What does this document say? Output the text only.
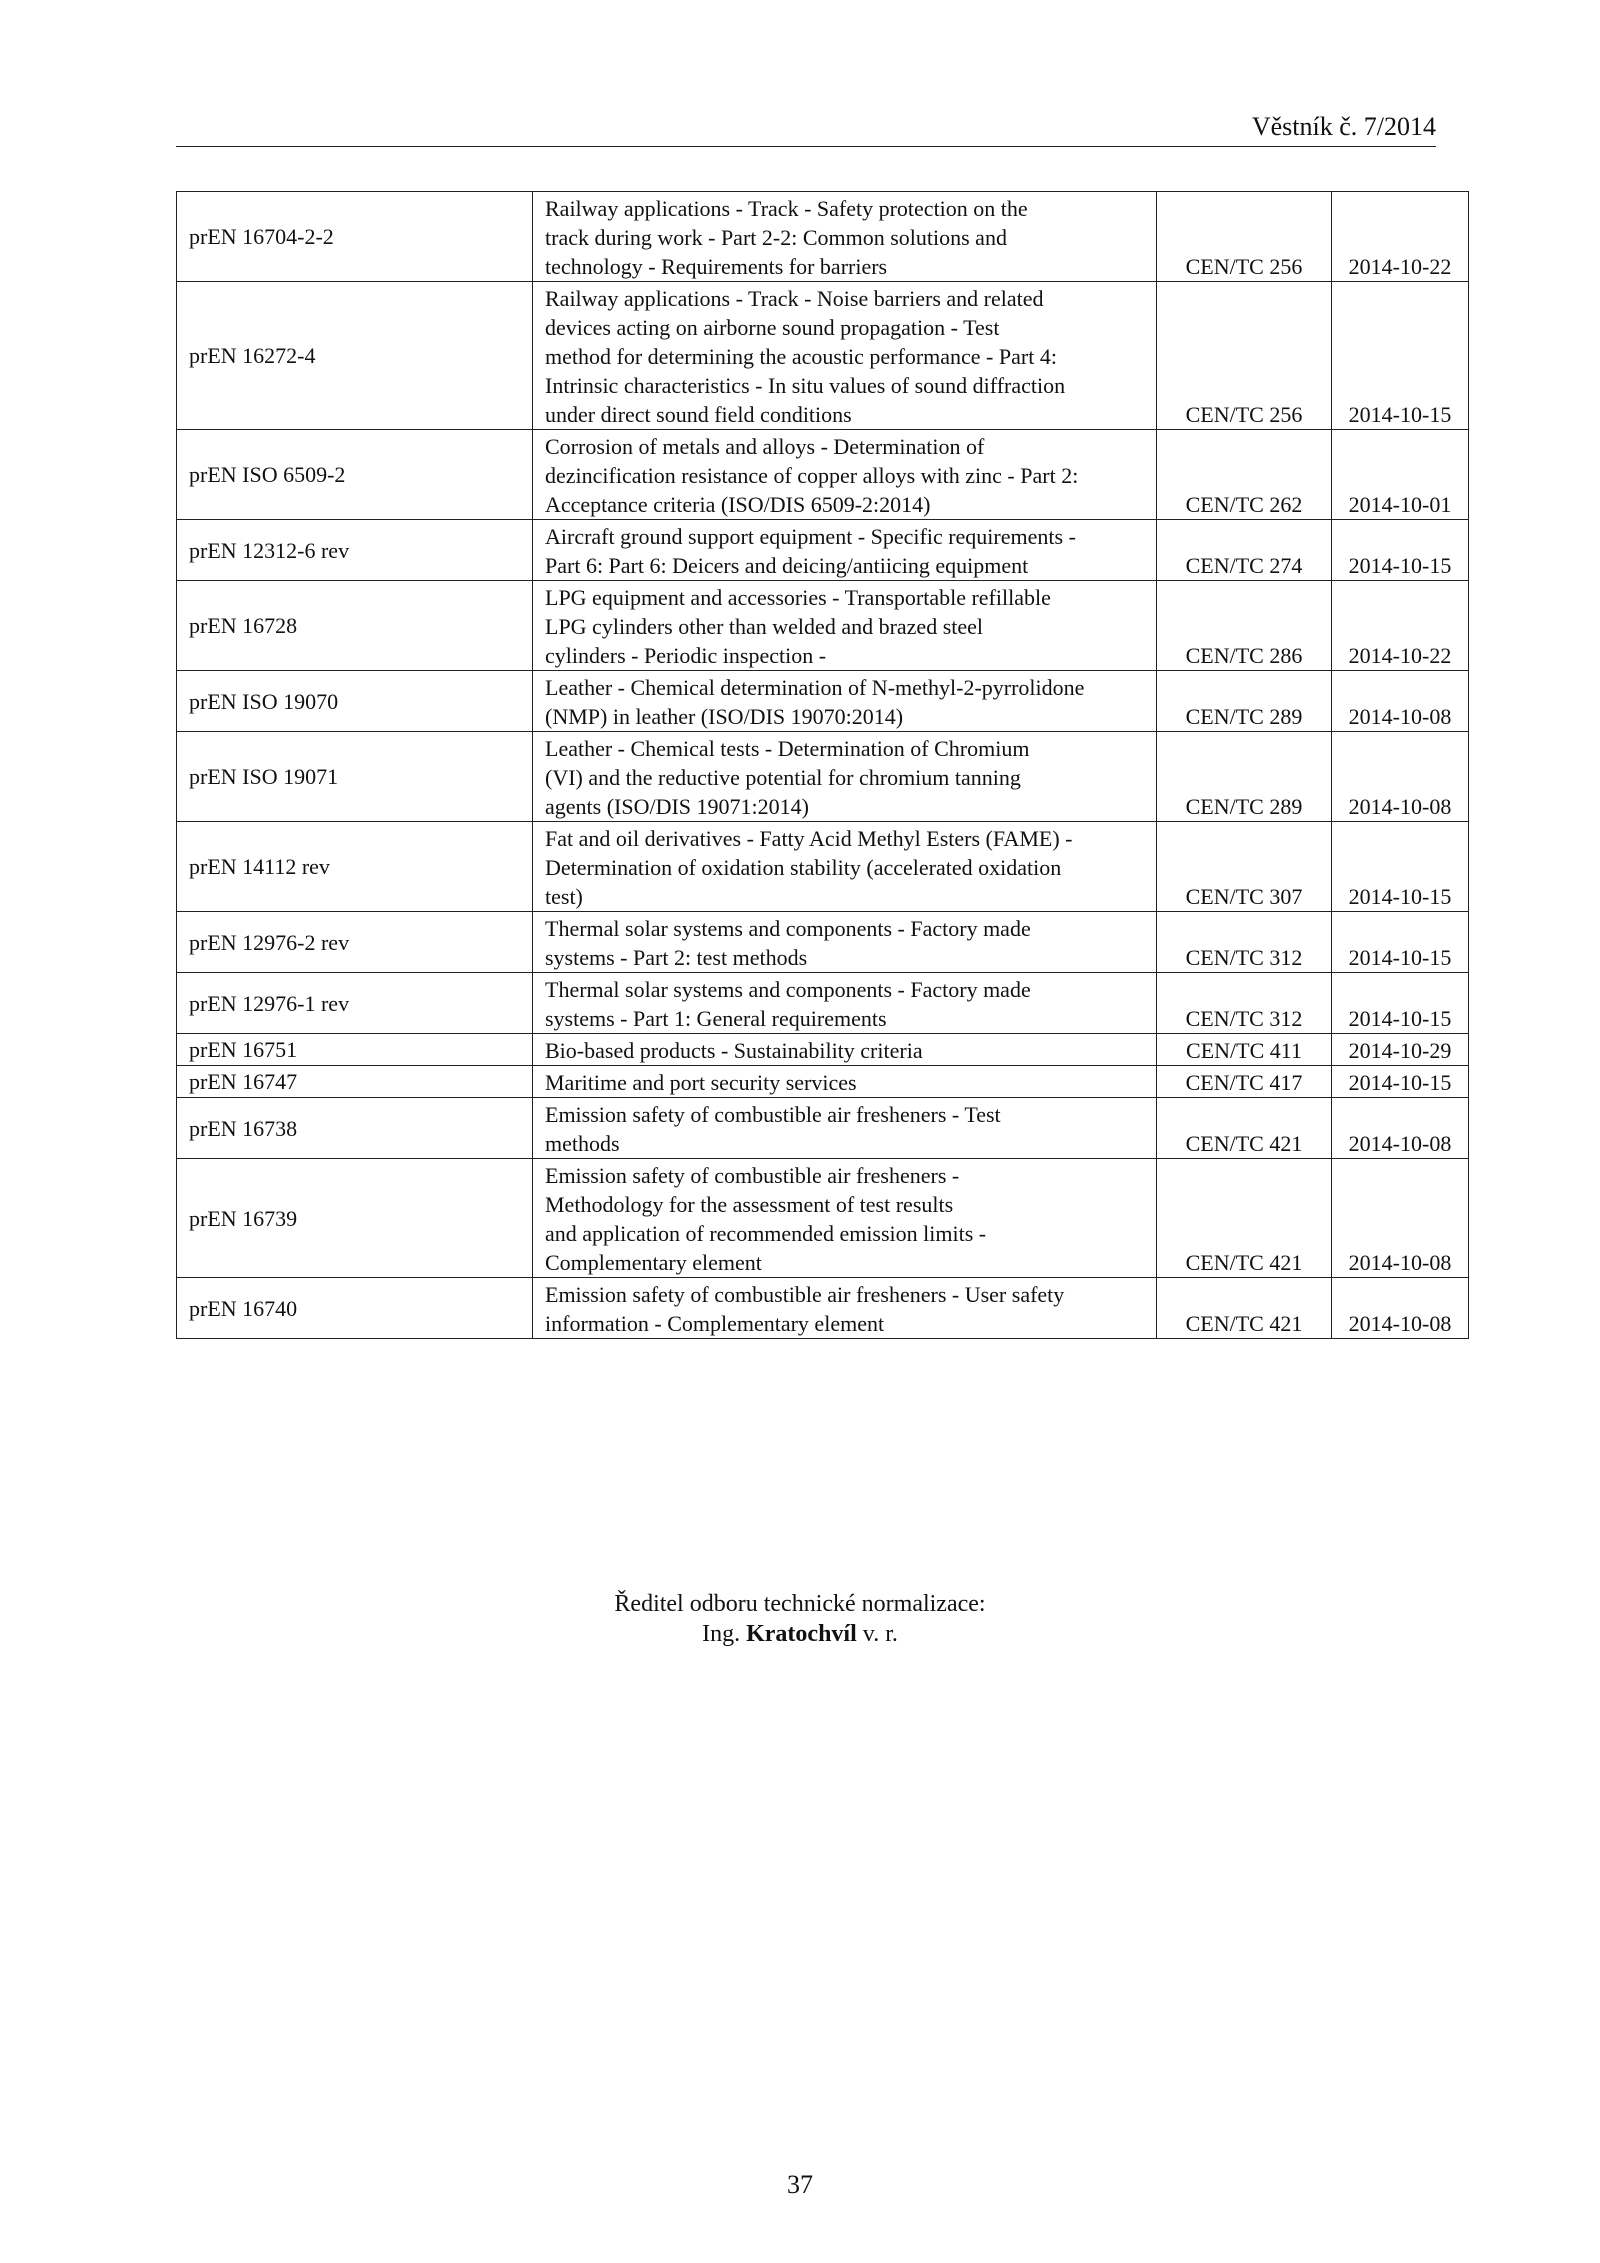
Věstník č. 7/2014
prEN 16704-2-2	Railway applications - Track - Safety protection on the
track during work - Part 2-2: Common solutions and
technology - Requirements for barriers	CEN/TC 256	2014-10-22
prEN 16272-4	Railway applications - Track - Noise barriers and related
devices acting on airborne sound propagation - Test
method for determining the acoustic performance - Part 4:
Intrinsic characteristics - In situ values of sound diffraction
under direct sound field conditions	CEN/TC 256	2014-10-15
prEN ISO 6509-2	Corrosion of metals and alloys - Determination of
dezincification resistance of copper alloys with zinc - Part 2:
Acceptance criteria (ISO/DIS 6509-2:2014)	CEN/TC 262	2014-10-01
prEN 12312-6 rev	Aircraft ground support equipment - Specific requirements -
Part 6: Part 6: Deicers and deicing/antiicing equipment	CEN/TC 274	2014-10-15
prEN 16728	LPG equipment and accessories - Transportable refillable
LPG cylinders other than welded and brazed steel
cylinders - Periodic inspection -	CEN/TC 286	2014-10-22
prEN ISO 19070	Leather - Chemical determination of N-methyl-2-pyrrolidone
(NMP) in leather (ISO/DIS 19070:2014)	CEN/TC 289	2014-10-08
prEN ISO 19071	Leather - Chemical tests - Determination of Chromium
(VI) and the reductive potential for chromium tanning
agents (ISO/DIS 19071:2014)	CEN/TC 289	2014-10-08
prEN 14112 rev	Fat and oil derivatives - Fatty Acid Methyl Esters (FAME) -
Determination of oxidation stability (accelerated oxidation
test)	CEN/TC 307	2014-10-15
prEN 12976-2 rev	Thermal solar systems and components - Factory made
systems - Part 2: test methods	CEN/TC 312	2014-10-15
prEN 12976-1 rev	Thermal solar systems and components - Factory made
systems - Part 1: General requirements	CEN/TC 312	2014-10-15
prEN 16751	Bio-based products - Sustainability criteria	CEN/TC 411	2014-10-29
prEN 16747	Maritime and port security services	CEN/TC 417	2014-10-15
prEN 16738	Emission safety of combustible air fresheners - Test
methods	CEN/TC 421	2014-10-08
prEN 16739	Emission safety of combustible air fresheners -
Methodology for the assessment of test results
and application of recommended emission limits -
Complementary element	CEN/TC 421	2014-10-08
prEN 16740	Emission safety of combustible air fresheners - User safety
information - Complementary element	CEN/TC 421	2014-10-08
Ředitel odboru technické normalizace:
Ing. Kratochvíl v. r.
37
